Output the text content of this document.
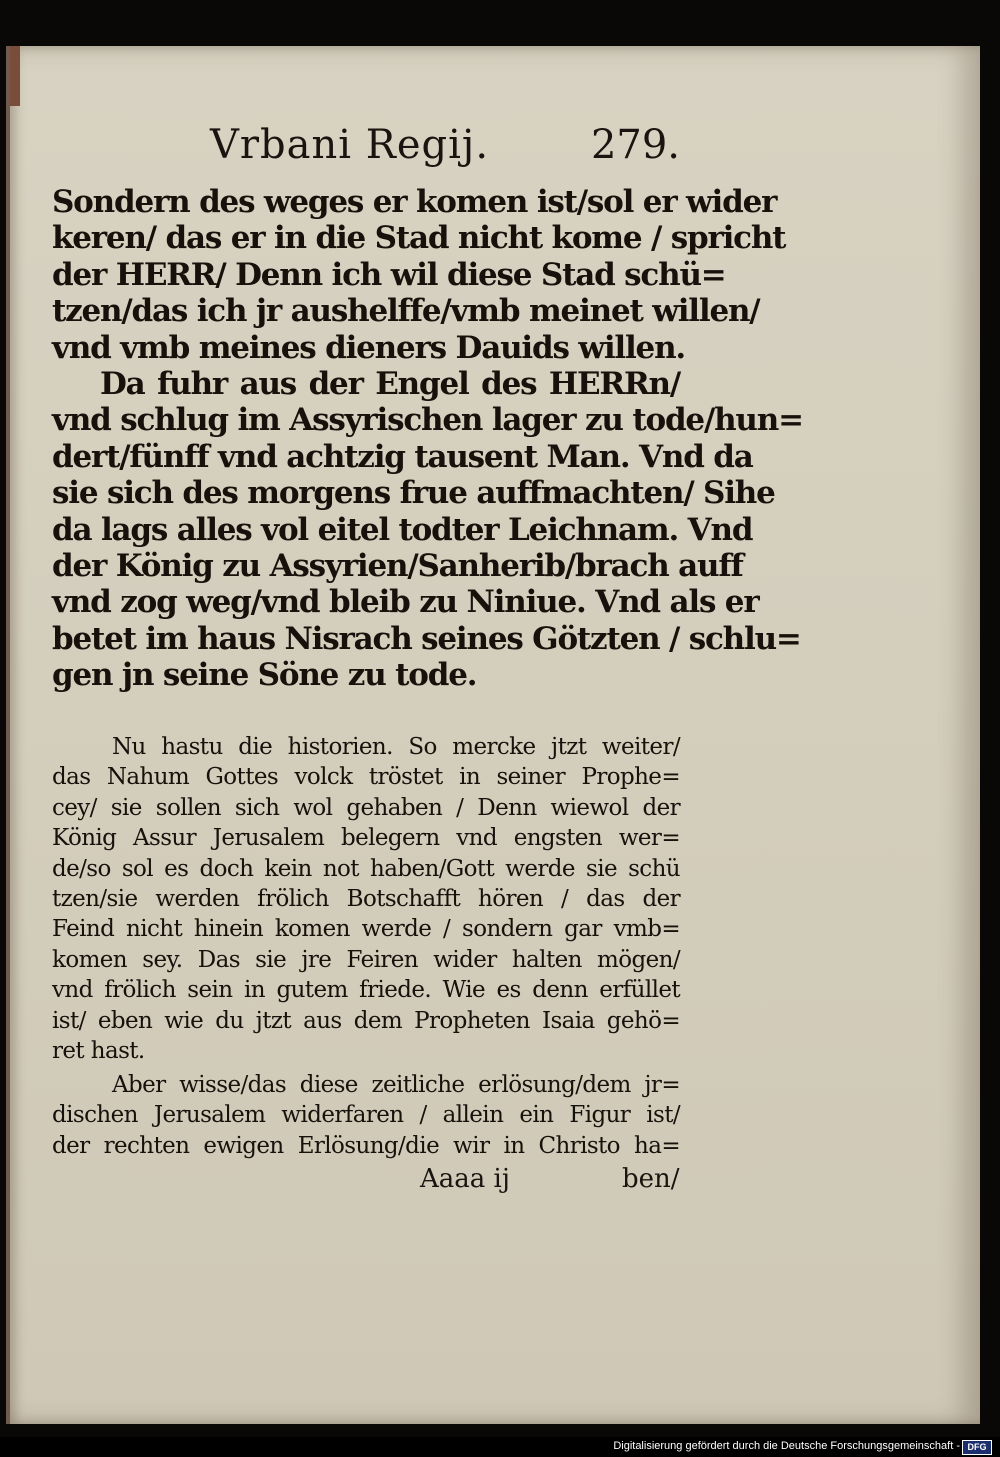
Vrbani Regij.	279.
Sondern des weges er komen ist/sol er wider
keren/ das er in die Stad nicht kome / spricht
der HERR/ Denn ich wil diese Stad schü=
tzen/das ich jr aushelffe/vmb meinet willen/
vnd vmb meines dieners Dauids willen.
Da fuhr aus der Engel des HERRn/
vnd schlug im Assyrischen lager zu tode/hun=
dert/fünff vnd achtzig tausent Man. Vnd da
sie sich des morgens frue auffmachten/ Sihe
da lags alles vol eitel todter Leichnam. Vnd
der König zu Assyrien/Sanherib/brach auff
vnd zog weg/vnd bleib zu Niniue. Vnd als er
betet im haus Nisrach seines Götzten / schlu=
gen jn seine Söne zu tode.
Nu hastu die historien. So mercke jtzt weiter/
das Nahum Gottes volck tröstet in seiner Prophe=
cey/ sie sollen sich wol gehaben / Denn wiewol der
König Assur Jerusalem belegern vnd engsten wer=
de/so sol es doch kein not haben/Gott werde sie schü
tzen/sie werden frölich Botschafft hören / das der
Feind nicht hinein komen werde / sondern gar vmb=
komen sey. Das sie jre Feiren wider halten mögen/
vnd frölich sein in gutem friede. Wie es denn erfüllet
ist/ eben wie du jtzt aus dem Propheten Isaia gehö=
ret hast.
Aber wisse/das diese zeitliche erlösung/dem jr=
dischen Jerusalem widerfaren / allein ein Figur ist/
der rechten ewigen Erlösung/die wir in Christo ha=
Aaaa ij	ben/
Digitalisierung gefördert durch die Deutsche Forschungsgemeinschaft - DFG
